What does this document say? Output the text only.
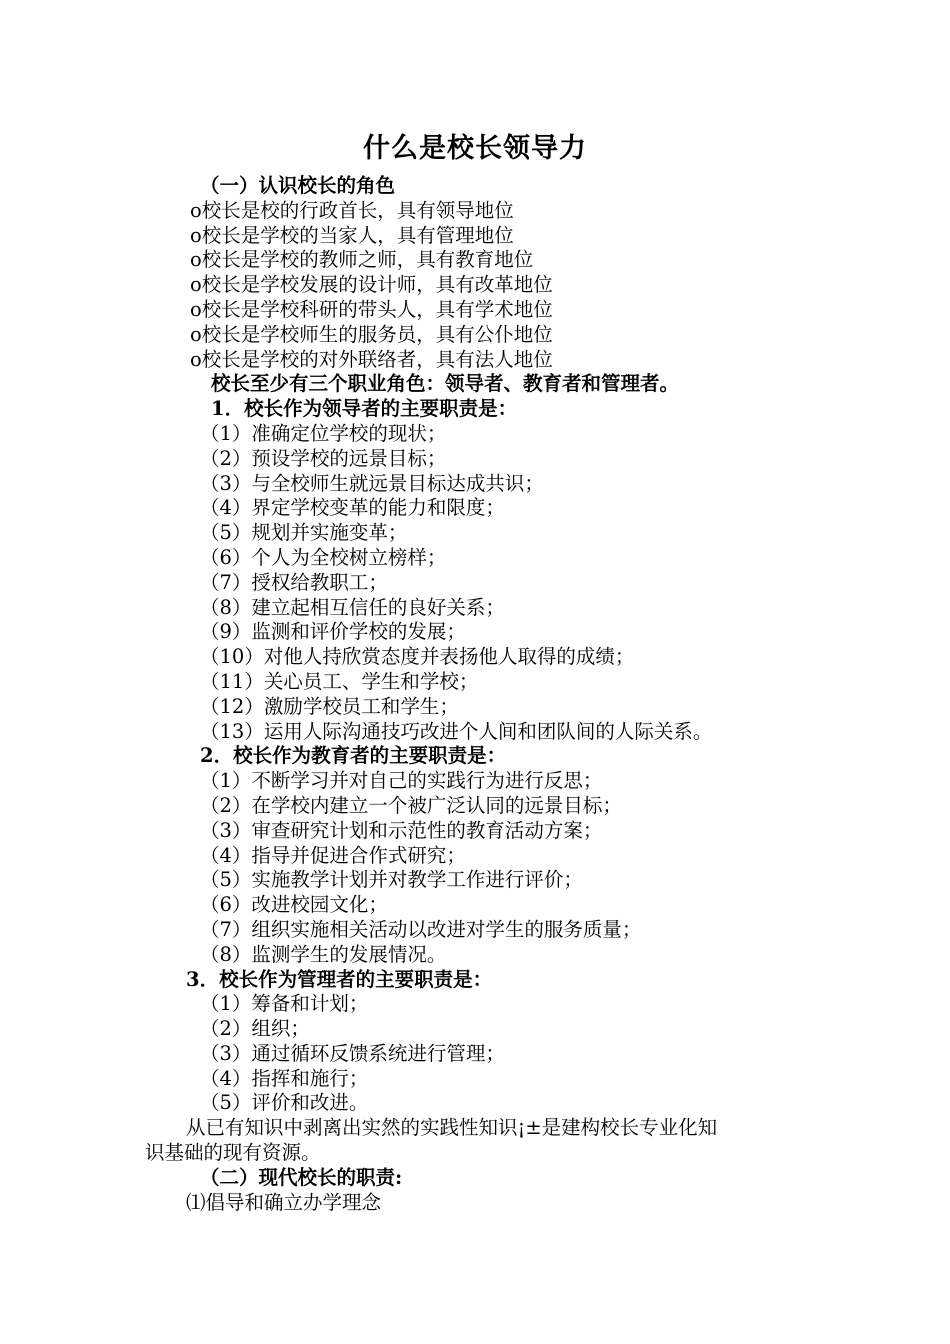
什么是校长领导力
（一）认识校长的角色
o校长是校的行政首长，具有领导地位
o校长是学校的当家人，具有管理地位
o校长是学校的教师之师，具有教育地位
o校长是学校发展的设计师，具有改革地位
o校长是学校科研的带头人，具有学术地位
o校长是学校师生的服务员，具有公仆地位
o校长是学校的对外联络者，具有法人地位
校长至少有三个职业角色：领导者、教育者和管理者。
1．校长作为领导者的主要职责是：
（1）准确定位学校的现状；
（2）预设学校的远景目标；
（3）与全校师生就远景目标达成共识；
（4）界定学校变革的能力和限度；
（5）规划并实施变革；
（6）个人为全校树立榜样；
（7）授权给教职工；
（8）建立起相互信任的良好关系；
（9）监测和评价学校的发展；
（10）对他人持欣赏态度并表扬他人取得的成绩；
（11）关心员工、学生和学校；
（12）激励学校员工和学生；
（13）运用人际沟通技巧改进个人间和团队间的人际关系。
2．校长作为教育者的主要职责是：
（1）不断学习并对自己的实践行为进行反思；
（2）在学校内建立一个被广泛认同的远景目标；
（3）审查研究计划和示范性的教育活动方案；
（4）指导并促进合作式研究；
（5）实施教学计划并对教学工作进行评价；
（6）改进校园文化；
（7）组织实施相关活动以改进对学生的服务质量；
（8）监测学生的发展情况。
3．校长作为管理者的主要职责是：
（1）筹备和计划；
（2）组织；
（3）通过循环反馈系统进行管理；
（4）指挥和施行；
（5）评价和改进。
从已有知识中剥离出实然的实践性知识¡±是建构校长专业化知
识基础的现有资源。
（二）现代校长的职责:
⑴倡导和确立办学理念
